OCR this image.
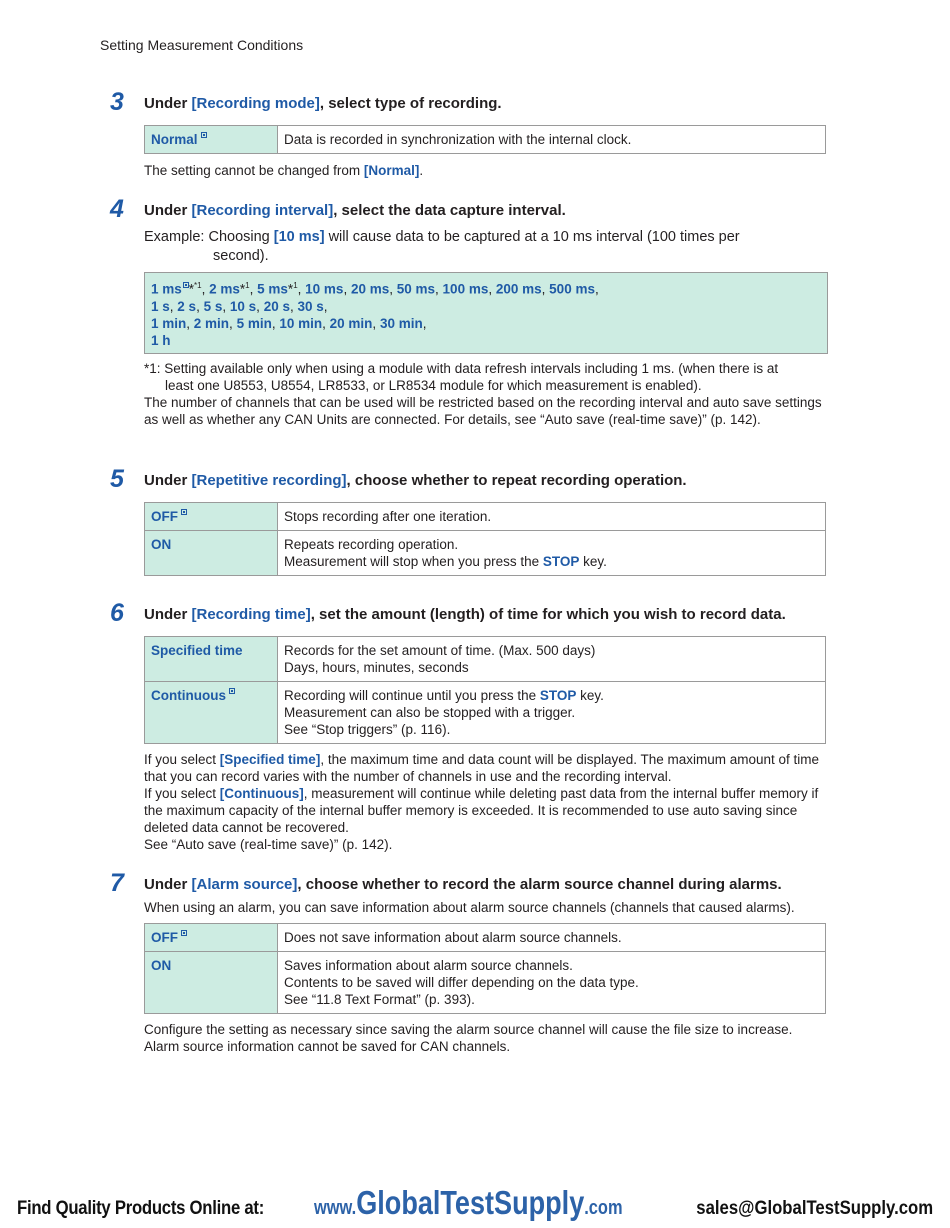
Setting Measurement Conditions
3 Under [Recording mode], select type of recording.
Normal	Data is recorded in synchronization with the internal clock.
The setting cannot be changed from [Normal].
4 Under [Recording interval], select the data capture interval.
Example: Choosing [10 ms] will cause data to be captured at a 10 ms interval (100 times per
second).
1 ms *$^{*1}$, 2 ms*$^1$, 5 ms*$^1$, 10 ms, 20 ms, 50 ms, 100 ms, 200 ms, 500 ms,
1 s, 2 s, 5 s, 10 s, 20 s, 30 s,
1 min, 2 min, 5 min, 10 min, 20 min, 30 min,
1 h
*1: Setting available only when using a module with data refresh intervals including 1 ms. (when there is at
least one U8553, U8554, LR8533, or LR8534 module for which measurement is enabled).
The number of channels that can be used will be restricted based on the recording interval and auto save settings as well as whether any CAN Units are connected. For details, see “Auto save (real-time save)” (p. 142).
5 Under [Repetitive recording], choose whether to repeat recording operation.
OFF	Stops recording after one iteration.
ON	Repeats recording operation.
Measurement will stop when you press the STOP key.
6 Under [Recording time], set the amount (length) of time for which you wish to record data.
Specified time	Records for the set amount of time. (Max. 500 days)
Days, hours, minutes, seconds

Continuous	Recording will continue until you press the STOP key.
Measurement can also be stopped with a trigger.
See “Stop triggers” (p. 116).
If you select [Specified time], the maximum time and data count will be displayed. The maximum amount of time that you can record varies with the number of channels in use and the recording interval.
If you select [Continuous], measurement will continue while deleting past data from the internal buffer memory if the maximum capacity of the internal buffer memory is exceeded. It is recommended to use auto saving since deleted data cannot be recovered.
See “Auto save (real-time save)” (p. 142).
7 Under [Alarm source], choose whether to record the alarm source channel during alarms.
When using an alarm, you can save information about alarm source channels (channels that caused alarms).
OFF	Does not save information about alarm source channels.
ON	Saves information about alarm source channels.
Contents to be saved will differ depending on the data type.
See “11.8 Text Format” (p. 393).
Configure the setting as necessary since saving the alarm source channel will cause the file size to increase.
Alarm source information cannot be saved for CAN channels.
Find Quality Products Online at: www.GlobalTestSupply.com	sales@GlobalTestSupply.com
